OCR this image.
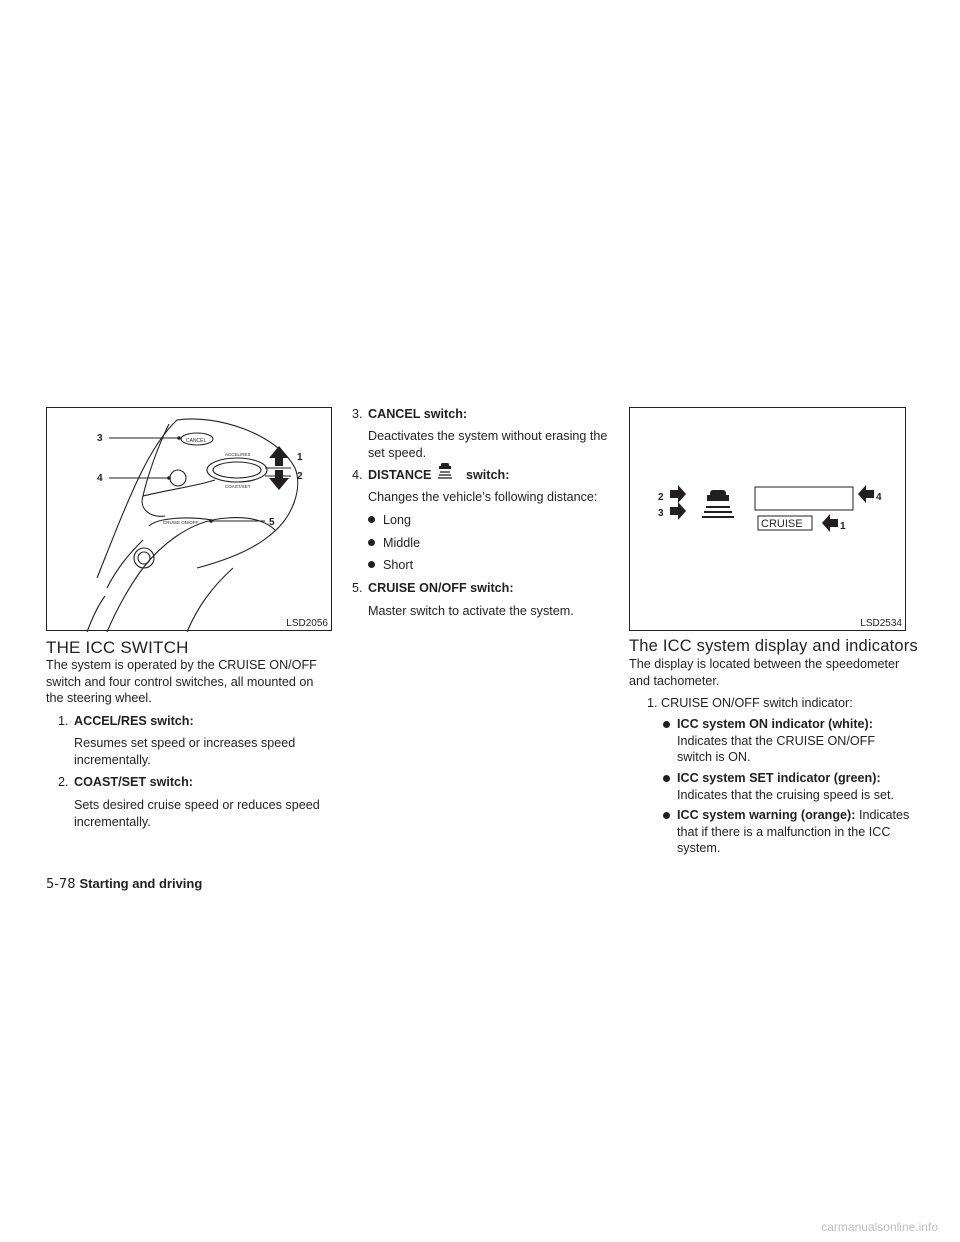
3
4
1
2
5
CANCEL
ACCEL/RES
COAST/SET
CRUISE ON/OFF
LSD2056
THE ICC SWITCH

The system is operated by the CRUISE ON/OFF switch and four control switches, all mounted on the steering wheel.

1. ACCEL/RES switch:

Resumes set speed or increases speed incrementally.

2. COAST/SET switch:

Sets desired cruise speed or reduces speed incrementally.

3. CANCEL switch:

Deactivates the system without erasing the set speed.

4. DISTANCE	switch:

Changes the vehicle’s following distance:

Long
Middle
Short
5. CRUISE ON/OFF switch:

Master switch to activate the system.

2
3
4
1
CRUISE
LSD2534
The ICC system display and indicators

The display is located between the speedometer and tachometer.

1. CRUISE ON/OFF switch indicator:
ICC system ON indicator (white): Indicates that the CRUISE ON/OFF switch is ON.
ICC system SET indicator (green): Indicates that the cruising speed is set.
ICC system warning (orange): Indicates that if there is a malfunction in the ICC system.
5-78 Starting and driving
carmanualsonline.info
